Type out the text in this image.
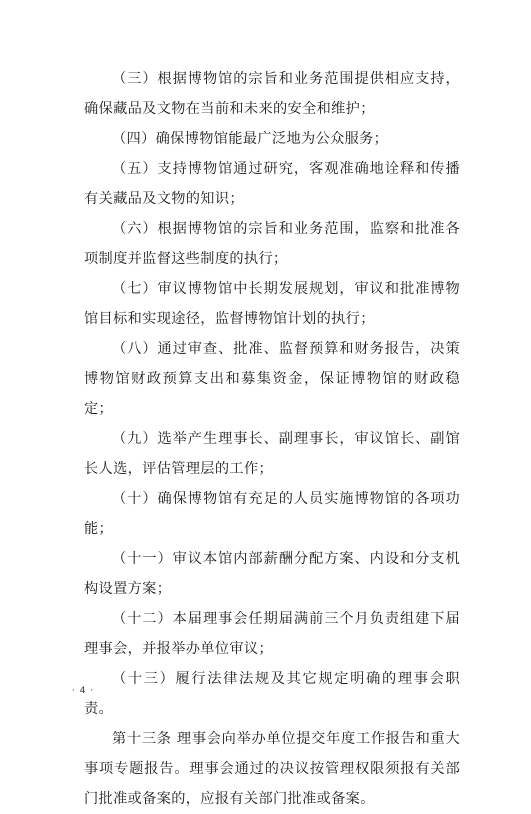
（三）根据博物馆的宗旨和业务范围提供相应支持，确保藏品及文物在当前和未来的安全和维护；

（四）确保博物馆能最广泛地为公众服务；

（五）支持博物馆通过研究，客观准确地诠释和传播有关藏品及文物的知识；

（六）根据博物馆的宗旨和业务范围，监察和批准各项制度并监督这些制度的执行；

（七）审议博物馆中长期发展规划，审议和批准博物馆目标和实现途径，监督博物馆计划的执行；

（八）通过审查、批准、监督预算和财务报告，决策博物馆财政预算支出和募集资金，保证博物馆的财政稳定；

（九）选举产生理事长、副理事长，审议馆长、副馆长人选，评估管理层的工作；

（十）确保博物馆有充足的人员实施博物馆的各项功能；

（十一）审议本馆内部薪酬分配方案、内设和分支机构设置方案；

（十二）本届理事会任期届满前三个月负责组建下届理事会，并报举办单位审议；

（十三）履行法律法规及其它规定明确的理事会职责。

第十三条 理事会向举办单位提交年度工作报告和重大事项专题报告。理事会通过的决议按管理权限须报有关部门批准或备案的，应报有关部门批准或备案。

· 4 ·
